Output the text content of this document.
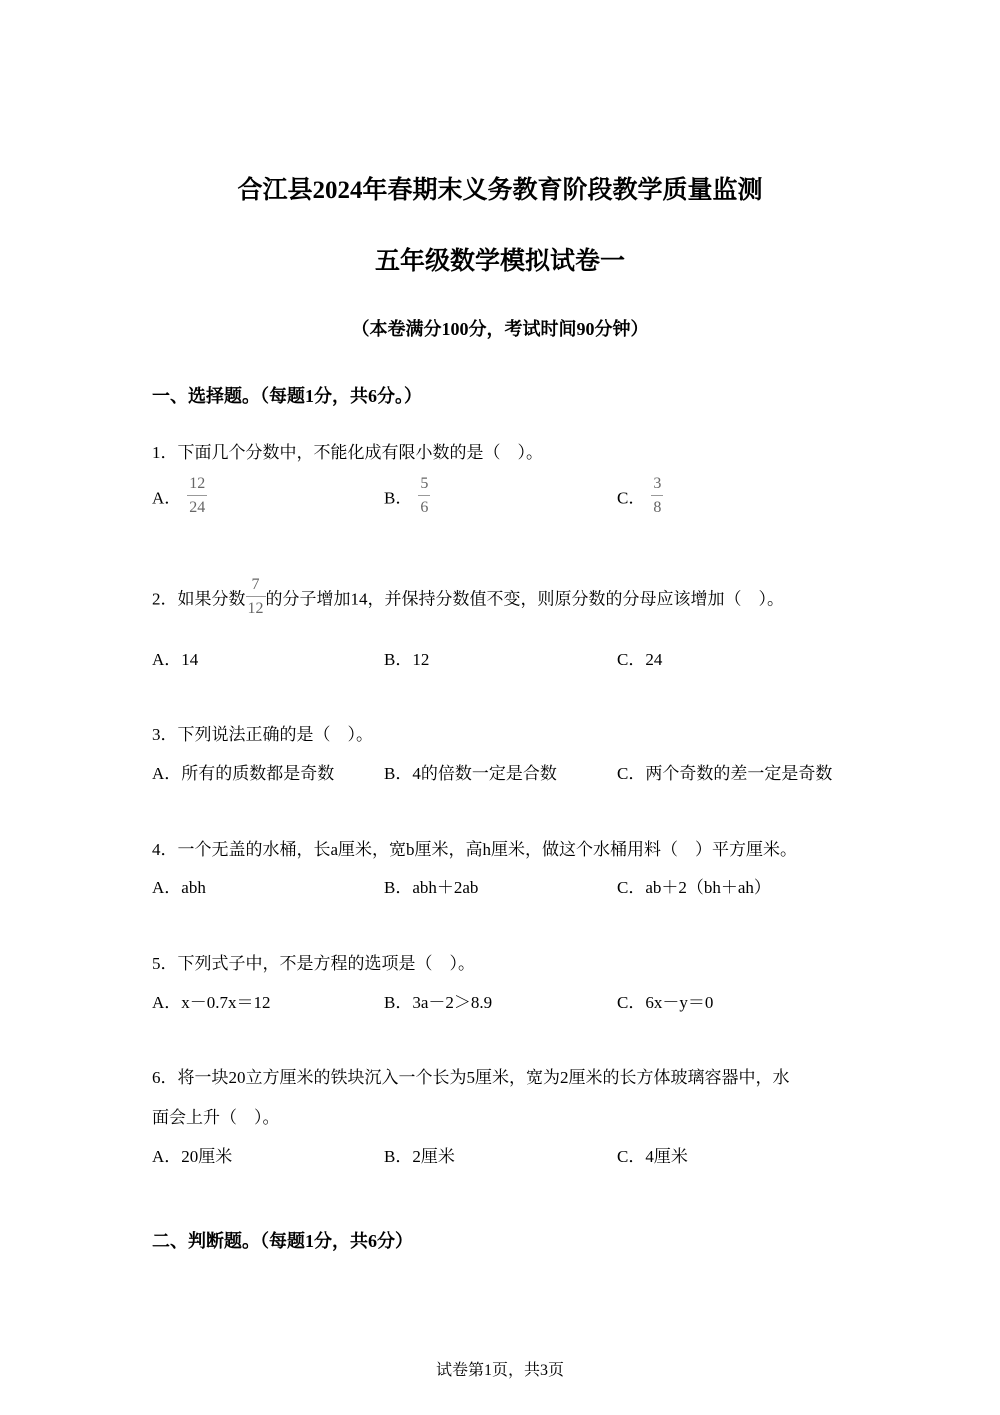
合江县2024年春期末义务教育阶段教学质量监测
五年级数学模拟试卷一
（本卷满分100分，考试时间90分钟）
一、选择题。（每题1分，共6分。）
1．下面几个分数中，不能化成有限小数的是（　）。
A． $\frac{12}{24}$	B． $\frac{5}{6}$	C． $\frac{3}{8}$
2．如果分数 $\frac{7}{12}$ 的分子增加14，并保持分数值不变，则原分数的分母应该增加（　）。
A．14	B．12	C．24
3．下列说法正确的是（　）。
A．所有的质数都是奇数	B．4的倍数一定是合数	C．两个奇数的差一定是奇数
4．一个无盖的水桶，长a厘米，宽b厘米，高h厘米，做这个水桶用料（　）平方厘米。
A．abh	B．abh＋2ab	C．ab＋2（bh＋ah）
5．下列式子中，不是方程的选项是（　）。
A．x－0.7x＝12	B．3a－2＞8.9	C．6x－y＝0
6．将一块20立方厘米的铁块沉入一个长为5厘米，宽为2厘米的长方体玻璃容器中，水
面会上升（　）。
A．20厘米	B．2厘米	C．4厘米
二、判断题。（每题1分，共6分）
试卷第1页，共3页
